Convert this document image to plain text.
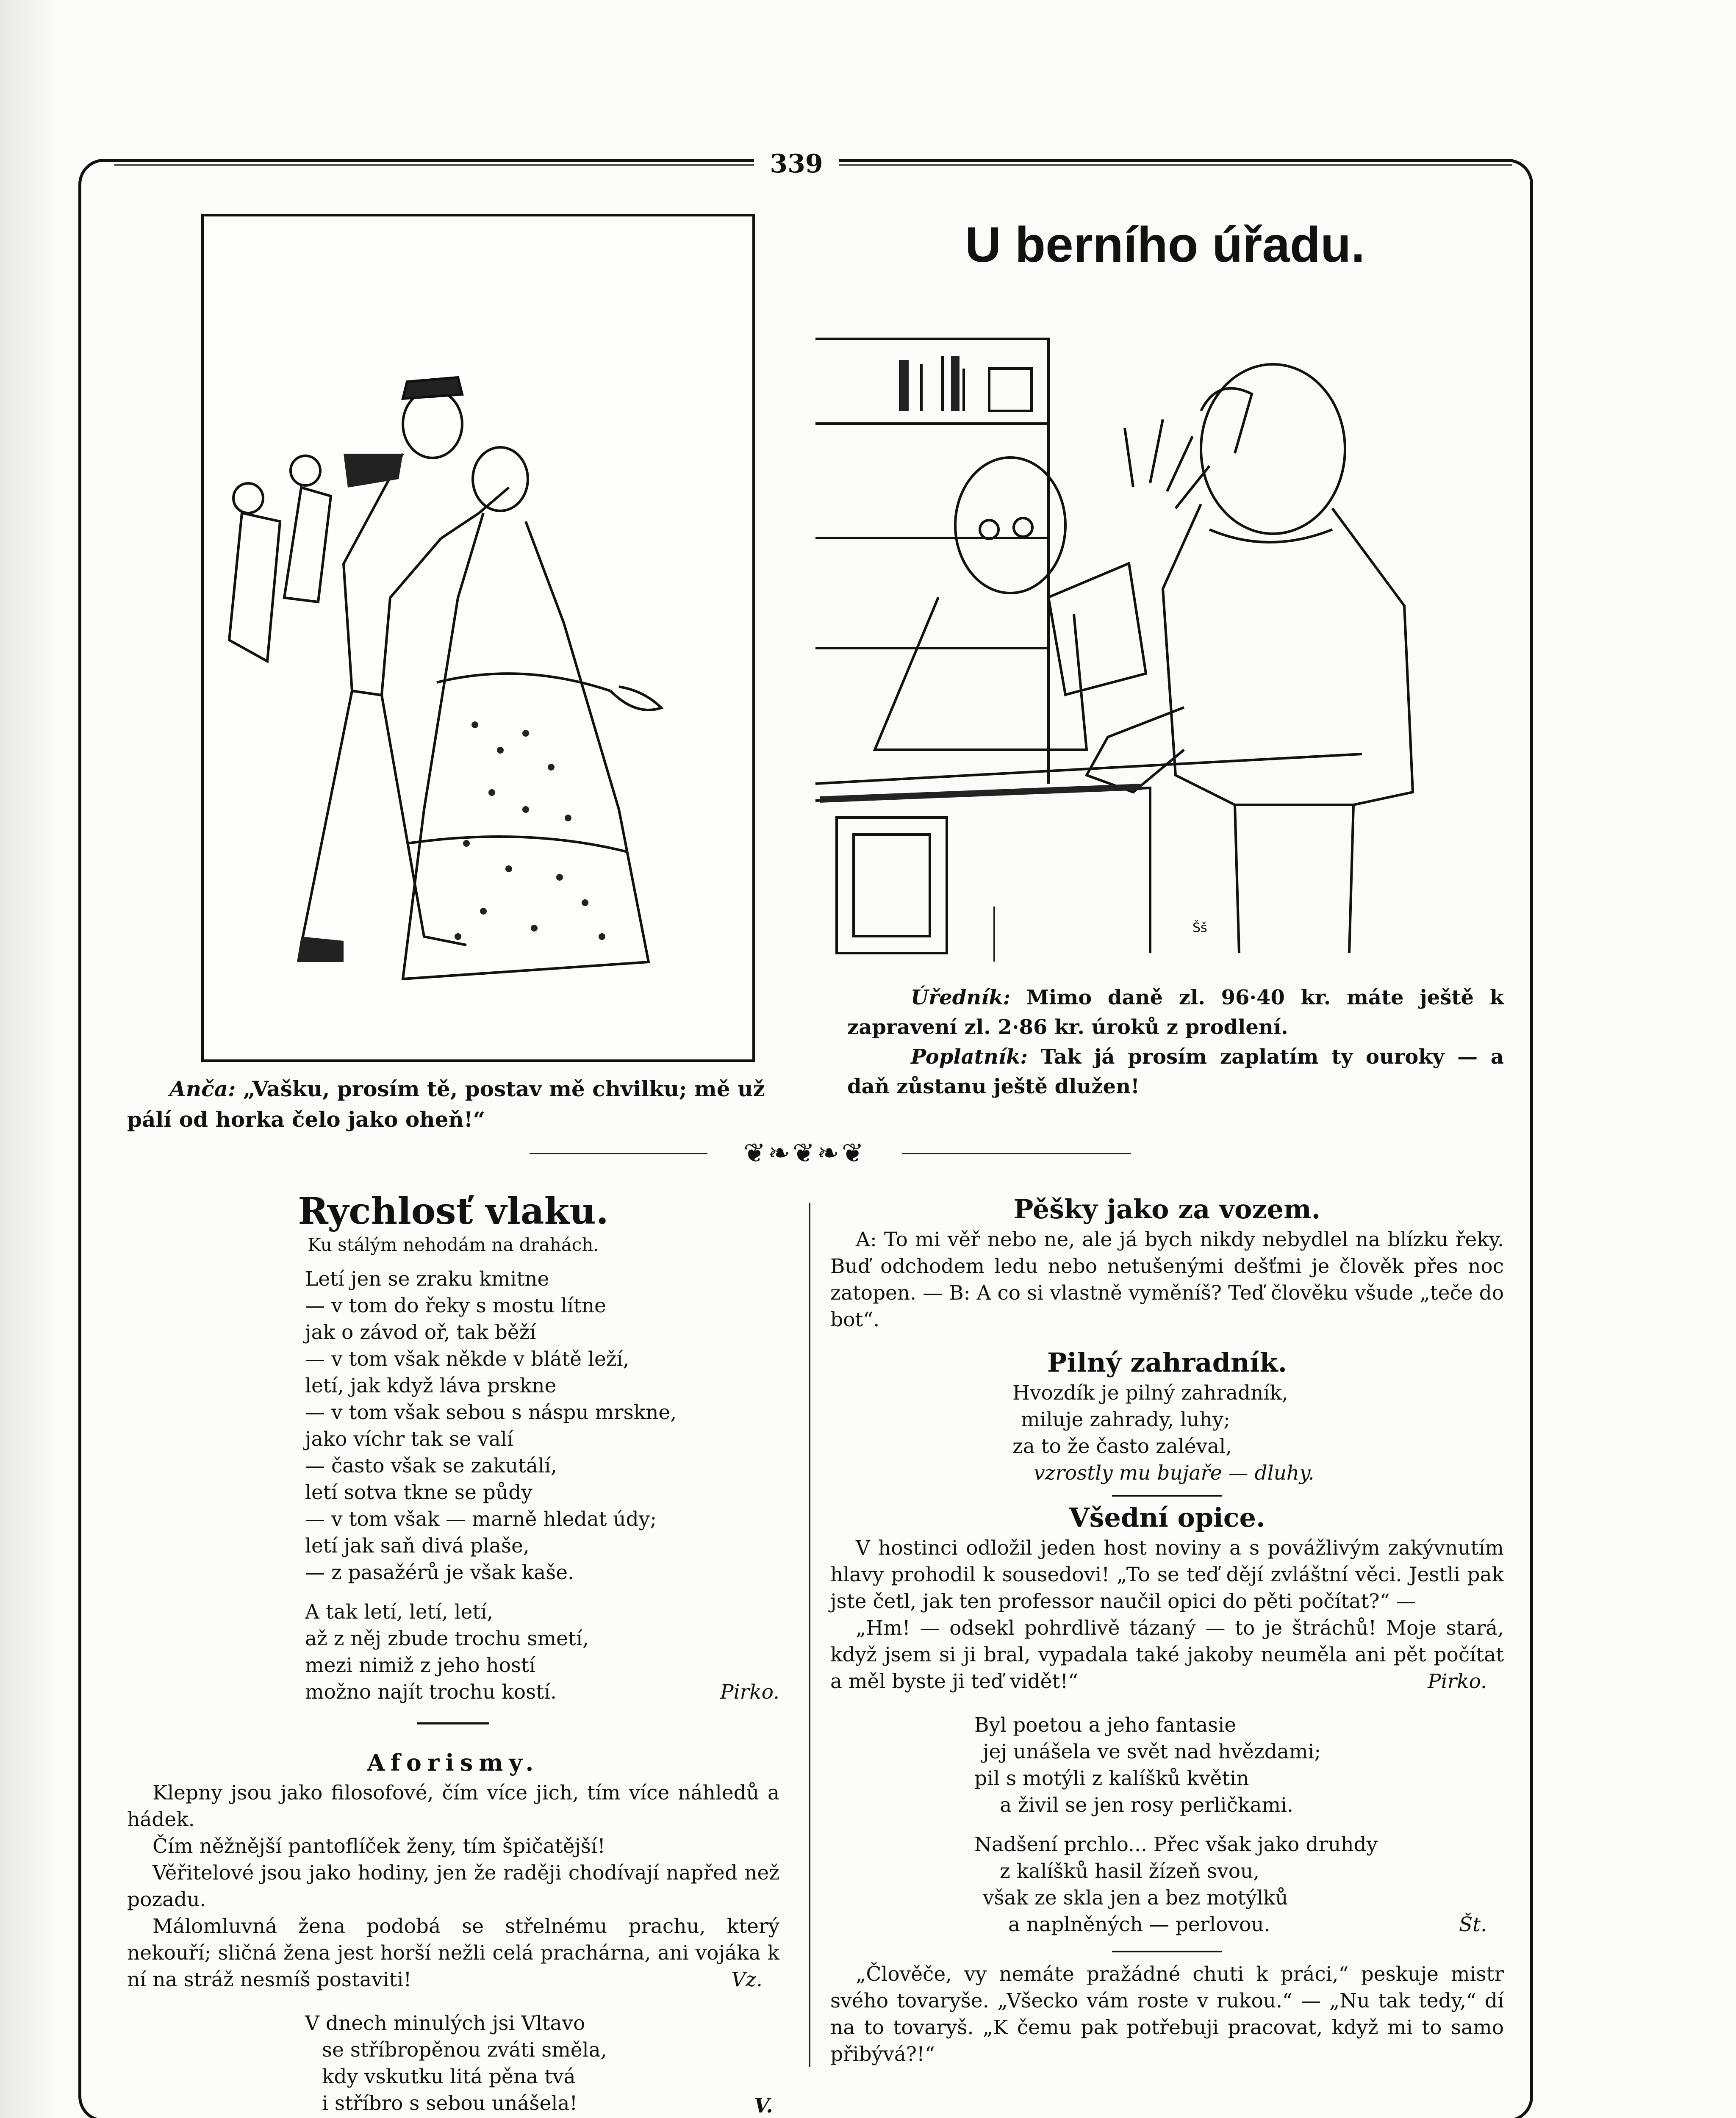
339
Anča: „Vašku, prosím tě, postav mě chvilku; mě už pálí od horka čelo jako oheň!“
U berního úřadu.
Šš
Úředník: Mimo daně zl. 96·40 kr. máte ještě k zapravení zl. 2·86 kr. úroků z prodlení.
Poplatník: Tak já prosím zaplatím ty ouroky — a daň zůstanu ještě dlužen!
❦❧❦❧❦
Rychlosť vlaku.
Ku stálým nehodám na drahách.
Letí jen se zraku kmitne
— v tom do řeky s mostu lítne
jak o závod oř, tak běží
— v tom však někde v blátě leží,
letí, jak když láva prskne
— v tom však sebou s náspu mrskne,
jako víchr tak se valí
— často však se zakutálí,
letí sotva tkne se půdy
— v tom však — marně hledat údy;
letí jak saň divá plaše,
— z pasažérů je však kaše.
A tak letí, letí, letí,
až z něj zbude trochu smetí,
mezi nimiž z jeho hostí
možno najít trochu kostí.	Pirko.
Aforismy.

Klepny jsou jako filosofové, čím více jich, tím více náhledů a hádek.

Čím něžnější pantoflíček ženy, tím špičatější!

Věřitelové jsou jako hodiny, jen že raději chodívají napřed než pozadu.

Málomluvná žena podobá se střelnému prachu, který nekouří; sličná žena jest horší nežli celá prachárna, ani vojáka k ní na stráž nesmíš postaviti!	Vz.
V dnech minulých jsi Vltavo
se stříbropěnou zváti směla,
kdy vskutku litá pěna tvá
i stříbro s sebou unášela!	V.
Pěšky jako za vozem.

A: To mi věř nebo ne, ale já bych nikdy nebydlel na blízku řeky. Buď odchodem ledu nebo netušenými dešťmi je člověk přes noc zatopen. — B: A co si vlastně vyměníš? Teď člověku všude „teče do bot“.

Pilný zahradník.
Hvozdík je pilný zahradník,
miluje zahrady, luhy;
za to že často zaléval,
vzrostly mu bujaře — dluhy.
Všední opice.

V hostinci odložil jeden host noviny a s povážlivým zakývnutím hlavy prohodil k sousedovi! „To se teď dějí zvláštní věci. Jestli pak jste četl, jak ten professor naučil opici do pěti počítat?“ —

„Hm! — odsekl pohrdlivě tázaný — to je štráchů! Moje stará, když jsem si ji bral, vypadala také jakoby neuměla ani pět počítat a měl byste ji teď vidět!“	Pirko.
Byl poetou a jeho fantasie
jej unášela ve svět nad hvězdami;
pil s motýli z kalíšků květin
a živil se jen rosy perličkami.
Nadšení prchlo... Přec však jako druhdy
z kalíšků hasil žízeň svou,
však ze skla jen a bez motýlků
a naplněných — perlovou.	Št.

„Člověče, vy nemáte pražádné chuti k práci,“ peskuje mistr svého tovaryše. „Všecko vám roste v rukou.“ — „Nu tak tedy,“ dí na to tovaryš. „K čemu pak potřebuji pracovat, když mi to samo přibývá?!“
